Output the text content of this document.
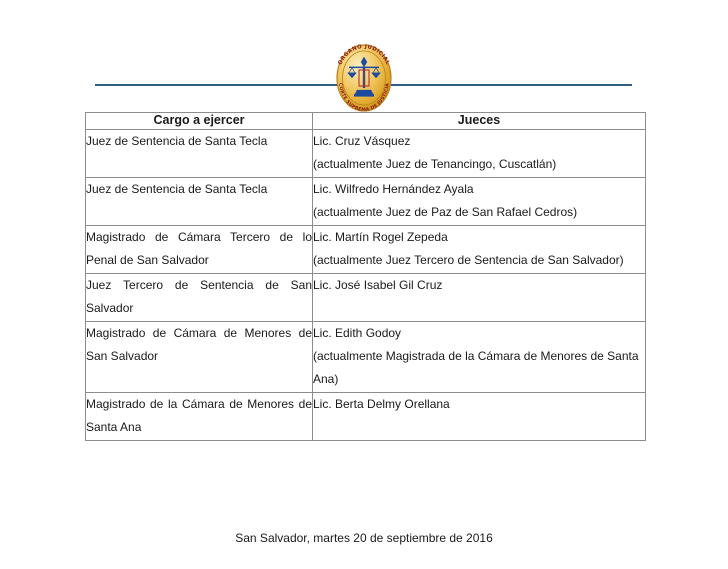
ORGANO JUDICIAL
CORTE SUPREMA DE JUSTICIA
Cargo a ejercer	Jueces
Juez de Sentencia de Santa Tecla	Lic. Cruz Vásquez
(actualmente Juez de Tenancingo, Cuscatlán)

Juez de Sentencia de Santa Tecla	Lic. Wilfredo Hernández Ayala
(actualmente Juez de Paz de San Rafael Cedros)

Magistrado de Cámara Tercero de lo Penal de San Salvador	Lic. Martín Rogel Zepeda
(actualmente Juez Tercero de Sentencia de San Salvador)

Juez Tercero de Sentencia de San Salvador	Lic. José Isabel Gil Cruz

Magistrado de Cámara de Menores de San Salvador	Lic. Edith Godoy
(actualmente Magistrada de la Cámara de Menores de Santa Ana)

Magistrado de la Cámara de Menores de Santa Ana	Lic. Berta Delmy Orellana
San Salvador, martes 20 de septiembre de 2016
